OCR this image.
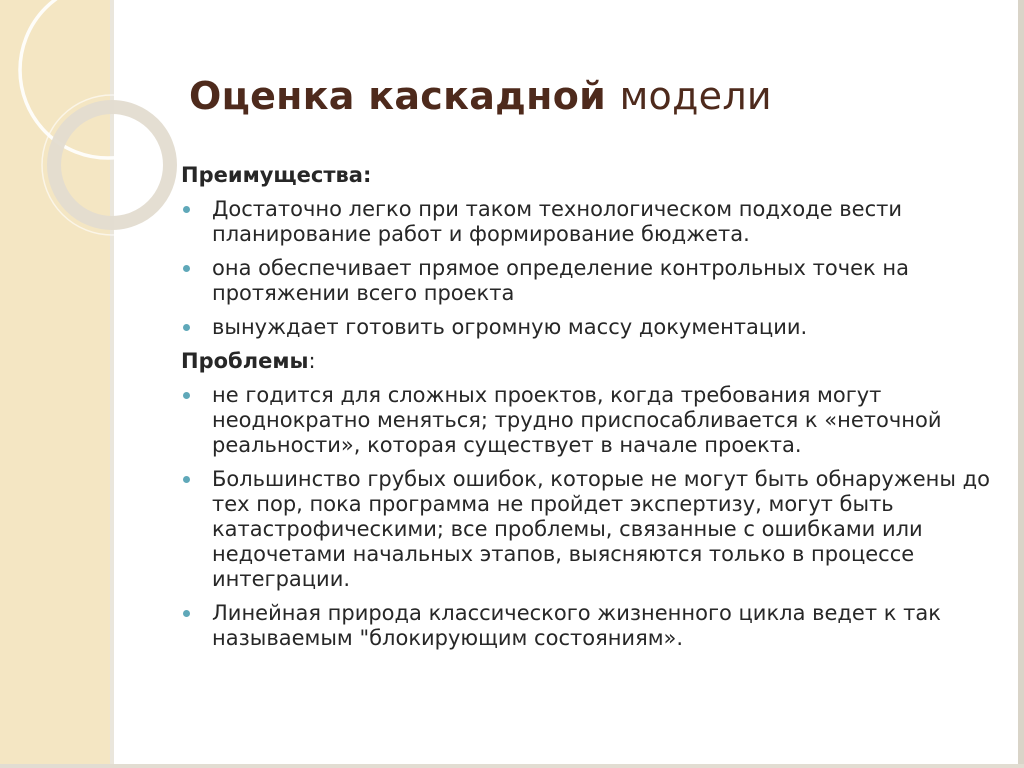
Оценка каскадной модели
Преимущества:
Достаточно легко при таком технологическом подходе вести планирование работ и формирование бюджета.
она обеспечивает прямое определение контрольных точек на протяжении всего проекта
вынуждает готовить огромную массу документации.
Проблемы:
не годится для сложных проектов, когда требования могут неоднократно меняться; трудно приспосабливается к «неточной реальности», которая существует в начале проекта.
Большинство грубых ошибок, которые не могут быть обнаружены до тех пор, пока программа не пройдет экспертизу, могут быть катастрофическими; все проблемы, связанные с ошибками или недочетами начальных этапов, выясняются только в процессе интеграции.
Линейная природа классического жизненного цикла ведет к так называемым "блокирующим состояниям».
